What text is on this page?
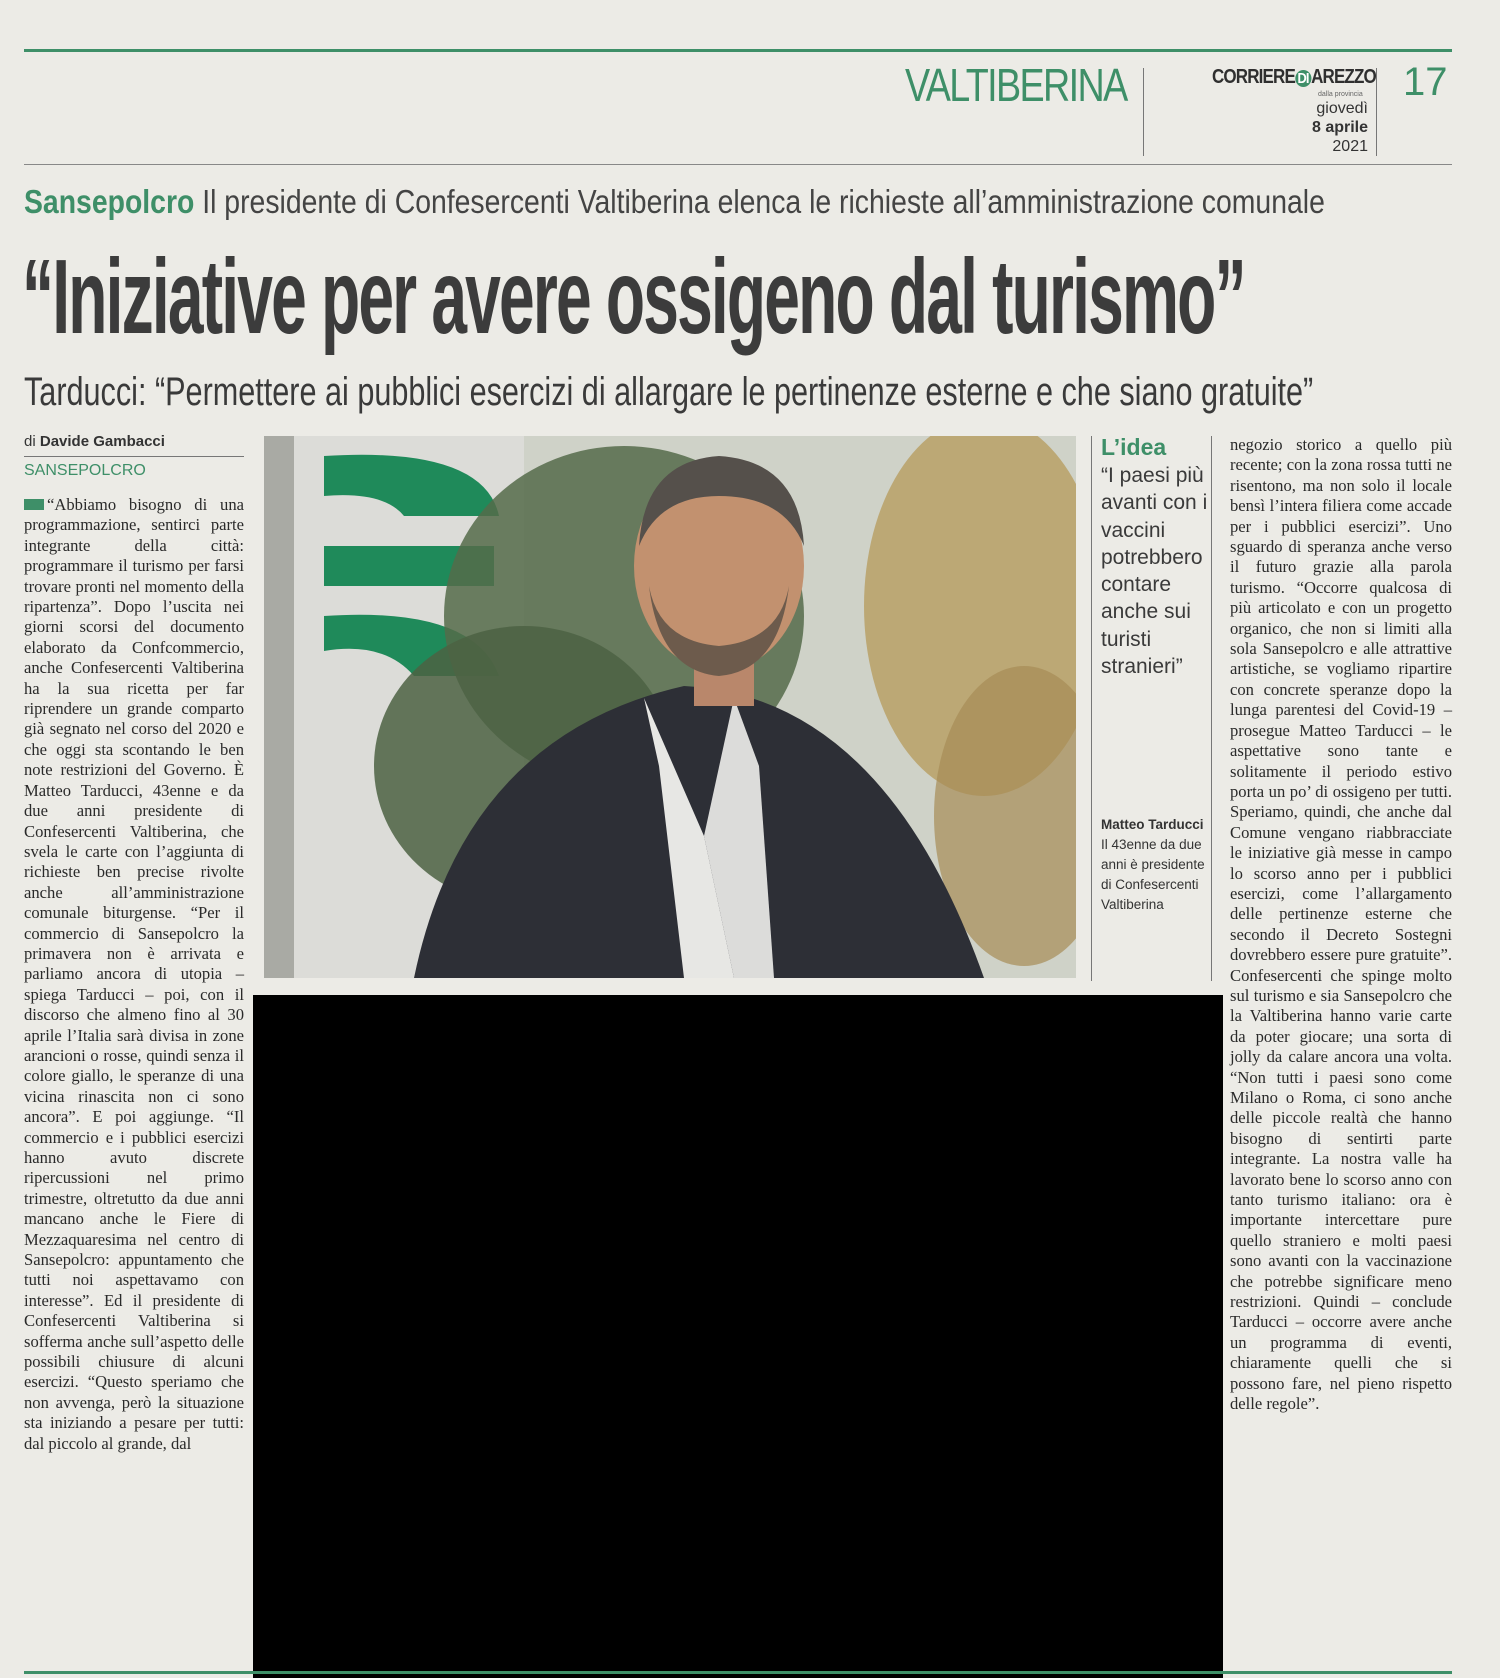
VALTIBERINA	CORRIERE DI AREZZO
dalla provincia
giovedì
8 aprile
2021
17
Sansepolcro Il presidente di Confesercenti Valtiberina elenca le richieste all’amministrazione comunale
“Iniziative per avere ossigeno dal turismo”
Tarducci: “Permettere ai pubblici esercizi di allargare le pertinenze esterne e che siano gratuite”
di Davide Gambacci
SANSEPOLCRO

“Abbiamo bisogno di una programmazione, sentirci parte integrante della città: programmare il turismo per farsi trovare pronti nel momento della ripartenza”. Dopo l’uscita nei giorni scorsi del documento elaborato da Confcommercio, anche Confesercenti Valtiberina ha la sua ricetta per far riprendere un grande comparto già segnato nel corso del 2020 e che oggi sta scontando le ben note restrizioni del Governo. È Matteo Tarducci, 43enne e da due anni presidente di Confesercenti Valtiberina, che svela le carte con l’aggiunta di richieste ben precise rivolte anche all’amministrazione comunale biturgense. “Per il commercio di Sansepolcro la primavera non è arrivata e parliamo ancora di utopia – spiega Tarducci – poi, con il discorso che almeno fino al 30 aprile l’Italia sarà divisa in zone arancioni o rosse, quindi senza il colore giallo, le speranze di una vicina rinascita non ci sono ancora”. E poi aggiunge. “Il commercio e i pubblici esercizi hanno avuto discrete ripercussioni nel primo trimestre, oltretutto da due anni mancano anche le Fiere di Mezzaquaresima nel centro di Sansepolcro: appuntamento che tutti noi aspettavamo con interesse”. Ed il presidente di Confesercenti Valtiberina si sofferma anche sull’aspetto delle possibili chiusure di alcuni esercizi. “Questo speriamo che non avvenga, però la situazione sta iniziando a pesare per tutti: dal piccolo al grande, dal

L’idea
“I paesi più avanti con i vaccini potrebbero contare anche sui turisti stranieri”
Matteo Tarducci
Il 43enne da due anni è presidente di Confesercenti Valtiberina

negozio storico a quello più recente; con la zona rossa tutti ne risentono, ma non solo il locale bensì l’intera filiera come accade per i pubblici esercizi”. Uno sguardo di speranza anche verso il futuro grazie alla parola turismo. “Occorre qualcosa di più articolato e con un progetto organico, che non si limiti alla sola Sansepolcro e alle attrattive artistiche, se vogliamo ripartire con concrete speranze dopo la lunga parentesi del Covid-19 – prosegue Matteo Tarducci – le aspettative sono tante e solitamente il periodo estivo porta un po’ di ossigeno per tutti. Speriamo, quindi, che anche dal Comune vengano riabbracciate le iniziative già messe in campo lo scorso anno per i pubblici esercizi, come l’allargamento delle pertinenze esterne che secondo il Decreto Sostegni dovrebbero essere pure gratuite”. Confesercenti che spinge molto sul turismo e sia Sansepolcro che la Valtiberina hanno varie carte da poter giocare; una sorta di jolly da calare ancora una volta. “Non tutti i paesi sono come Milano o Roma, ci sono anche delle piccole realtà che hanno bisogno di sentirti parte integrante. La nostra valle ha lavorato bene lo scorso anno con tanto turismo italiano: ora è importante intercettare pure quello straniero e molti paesi sono avanti con la vaccinazione che potrebbe significare meno restrizioni. Quindi – conclude Tarducci – occorre avere anche un programma di eventi, chiaramente quelli che si possono fare, nel pieno rispetto delle regole”.
